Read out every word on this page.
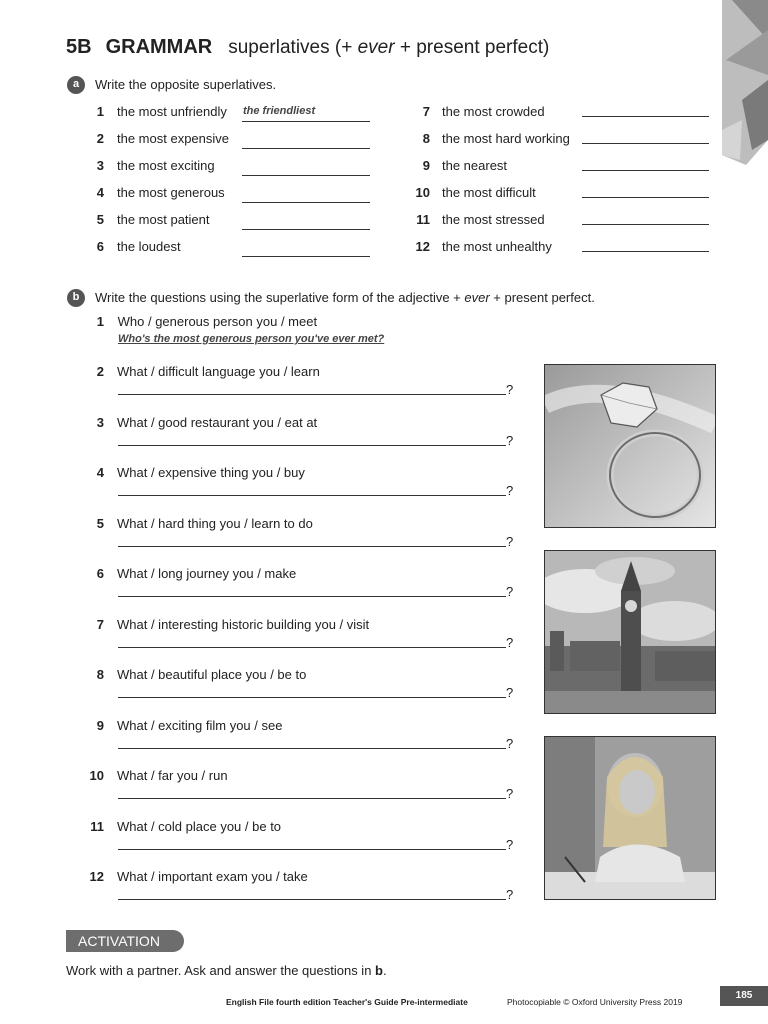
5B GRAMMAR superlatives (+ ever + present perfect)
a	Write the opposite superlatives.
1 the most unfriendly the friendliest
2 the most expensive
3 the most exciting
4 the most generous
5 the most patient
6 the loudest
7 the most crowded
8 the most hard working
9 the nearest
10 the most difficult
11 the most stressed
12 the most unhealthy
b	Write the questions using the superlative form of the adjective + ever + present perfect.
1 Who / generous person you / meet
Who's the most generous person you've ever met?
2 What / difficult language you / learn
?
3 What / good restaurant you / eat at
?
4 What / expensive thing you / buy
?
5 What / hard thing you / learn to do
?
6 What / long journey you / make
?
7 What / interesting historic building you / visit
?
8 What / beautiful place you / be to
?
9 What / exciting film you / see
?
10 What / far you / run
?
11 What / cold place you / be to
?
12 What / important exam you / take
?
ACTIVATION
Work with a partner. Ask and answer the questions in b.
English File fourth edition Teacher's Guide Pre-intermediate	Photocopiable © Oxford University Press 2019
185
